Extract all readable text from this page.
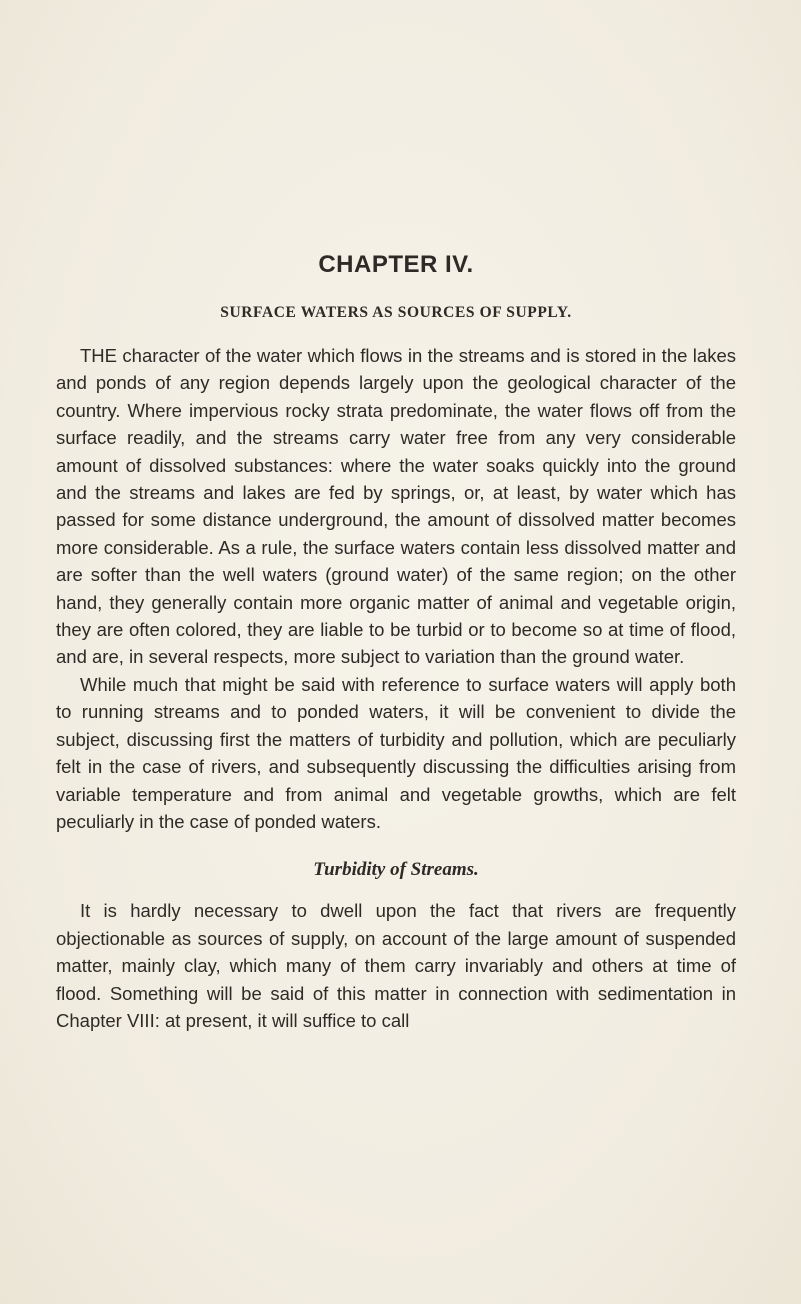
CHAPTER IV.
SURFACE WATERS AS SOURCES OF SUPPLY.

THE character of the water which flows in the streams and is stored in the lakes and ponds of any region depends largely upon the geological character of the country. Where impervious rocky strata predominate, the water flows off from the surface readily, and the streams carry water free from any very considerable amount of dissolved substances: where the water soaks quickly into the ground and the streams and lakes are fed by springs, or, at least, by water which has passed for some distance underground, the amount of dissolved matter becomes more considerable. As a rule, the surface waters contain less dissolved matter and are softer than the well waters (ground water) of the same region; on the other hand, they generally contain more organic matter of animal and vegetable origin, they are often colored, they are liable to be turbid or to become so at time of flood, and are, in several respects, more subject to variation than the ground water.

While much that might be said with reference to surface waters will apply both to running streams and to ponded waters, it will be convenient to divide the subject, discussing first the matters of turbidity and pollution, which are peculiarly felt in the case of rivers, and subsequently discussing the difficulties arising from variable temperature and from animal and vegetable growths, which are felt peculiarly in the case of ponded waters.

Turbidity of Streams.

It is hardly necessary to dwell upon the fact that rivers are frequently objectionable as sources of supply, on account of the large amount of suspended matter, mainly clay, which many of them carry invariably and others at time of flood. Something will be said of this matter in connection with sedimentation in Chapter VIII: at present, it will suffice to call
